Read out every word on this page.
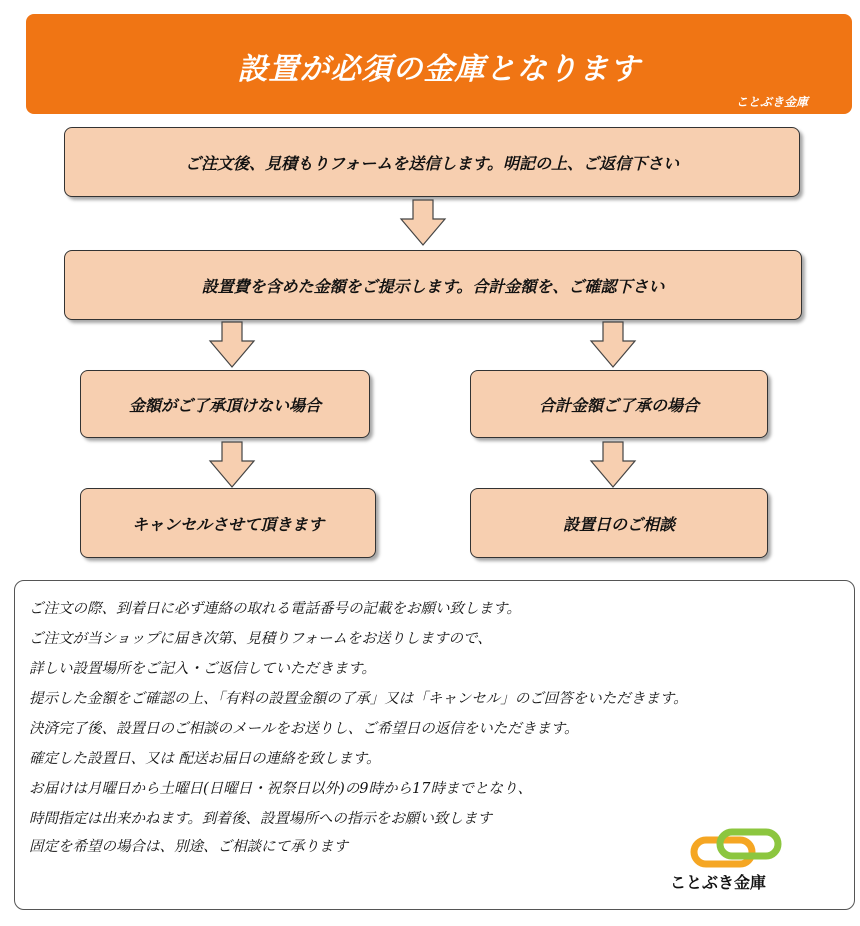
設置が必須の金庫となります
ことぶき金庫
ご注文後、見積もりフォームを送信します。明記の上、ご返信下さい
設置費を含めた金額をご提示します。合計金額を、ご確認下さい
金額がご了承頂けない場合	合計金額ご了承の場合
キャンセルさせて頂きます	設置日のご相談
ご注文の際、到着日に必ず連絡の取れる電話番号の記載をお願い致します。
ご注文が当ショップに届き次第、見積りフォームをお送りしますので、
詳しい設置場所をご記入・ご返信していただきます。
提示した金額をご確認の上、「有料の設置金額の了承」又は「キャンセル」のご回答をいただきます。
決済完了後、設置日のご相談のメールをお送りし、ご希望日の返信をいただきます。
確定した設置日、又は 配送お届日の連絡を致します。
お届けは月曜日から土曜日(日曜日・祝祭日以外)の9時から17時までとなり、
時間指定は出来かねます。到着後、設置場所への指示をお願い致します
固定を希望の場合は、別途、ご相談にて承ります
ことぶき金庫
